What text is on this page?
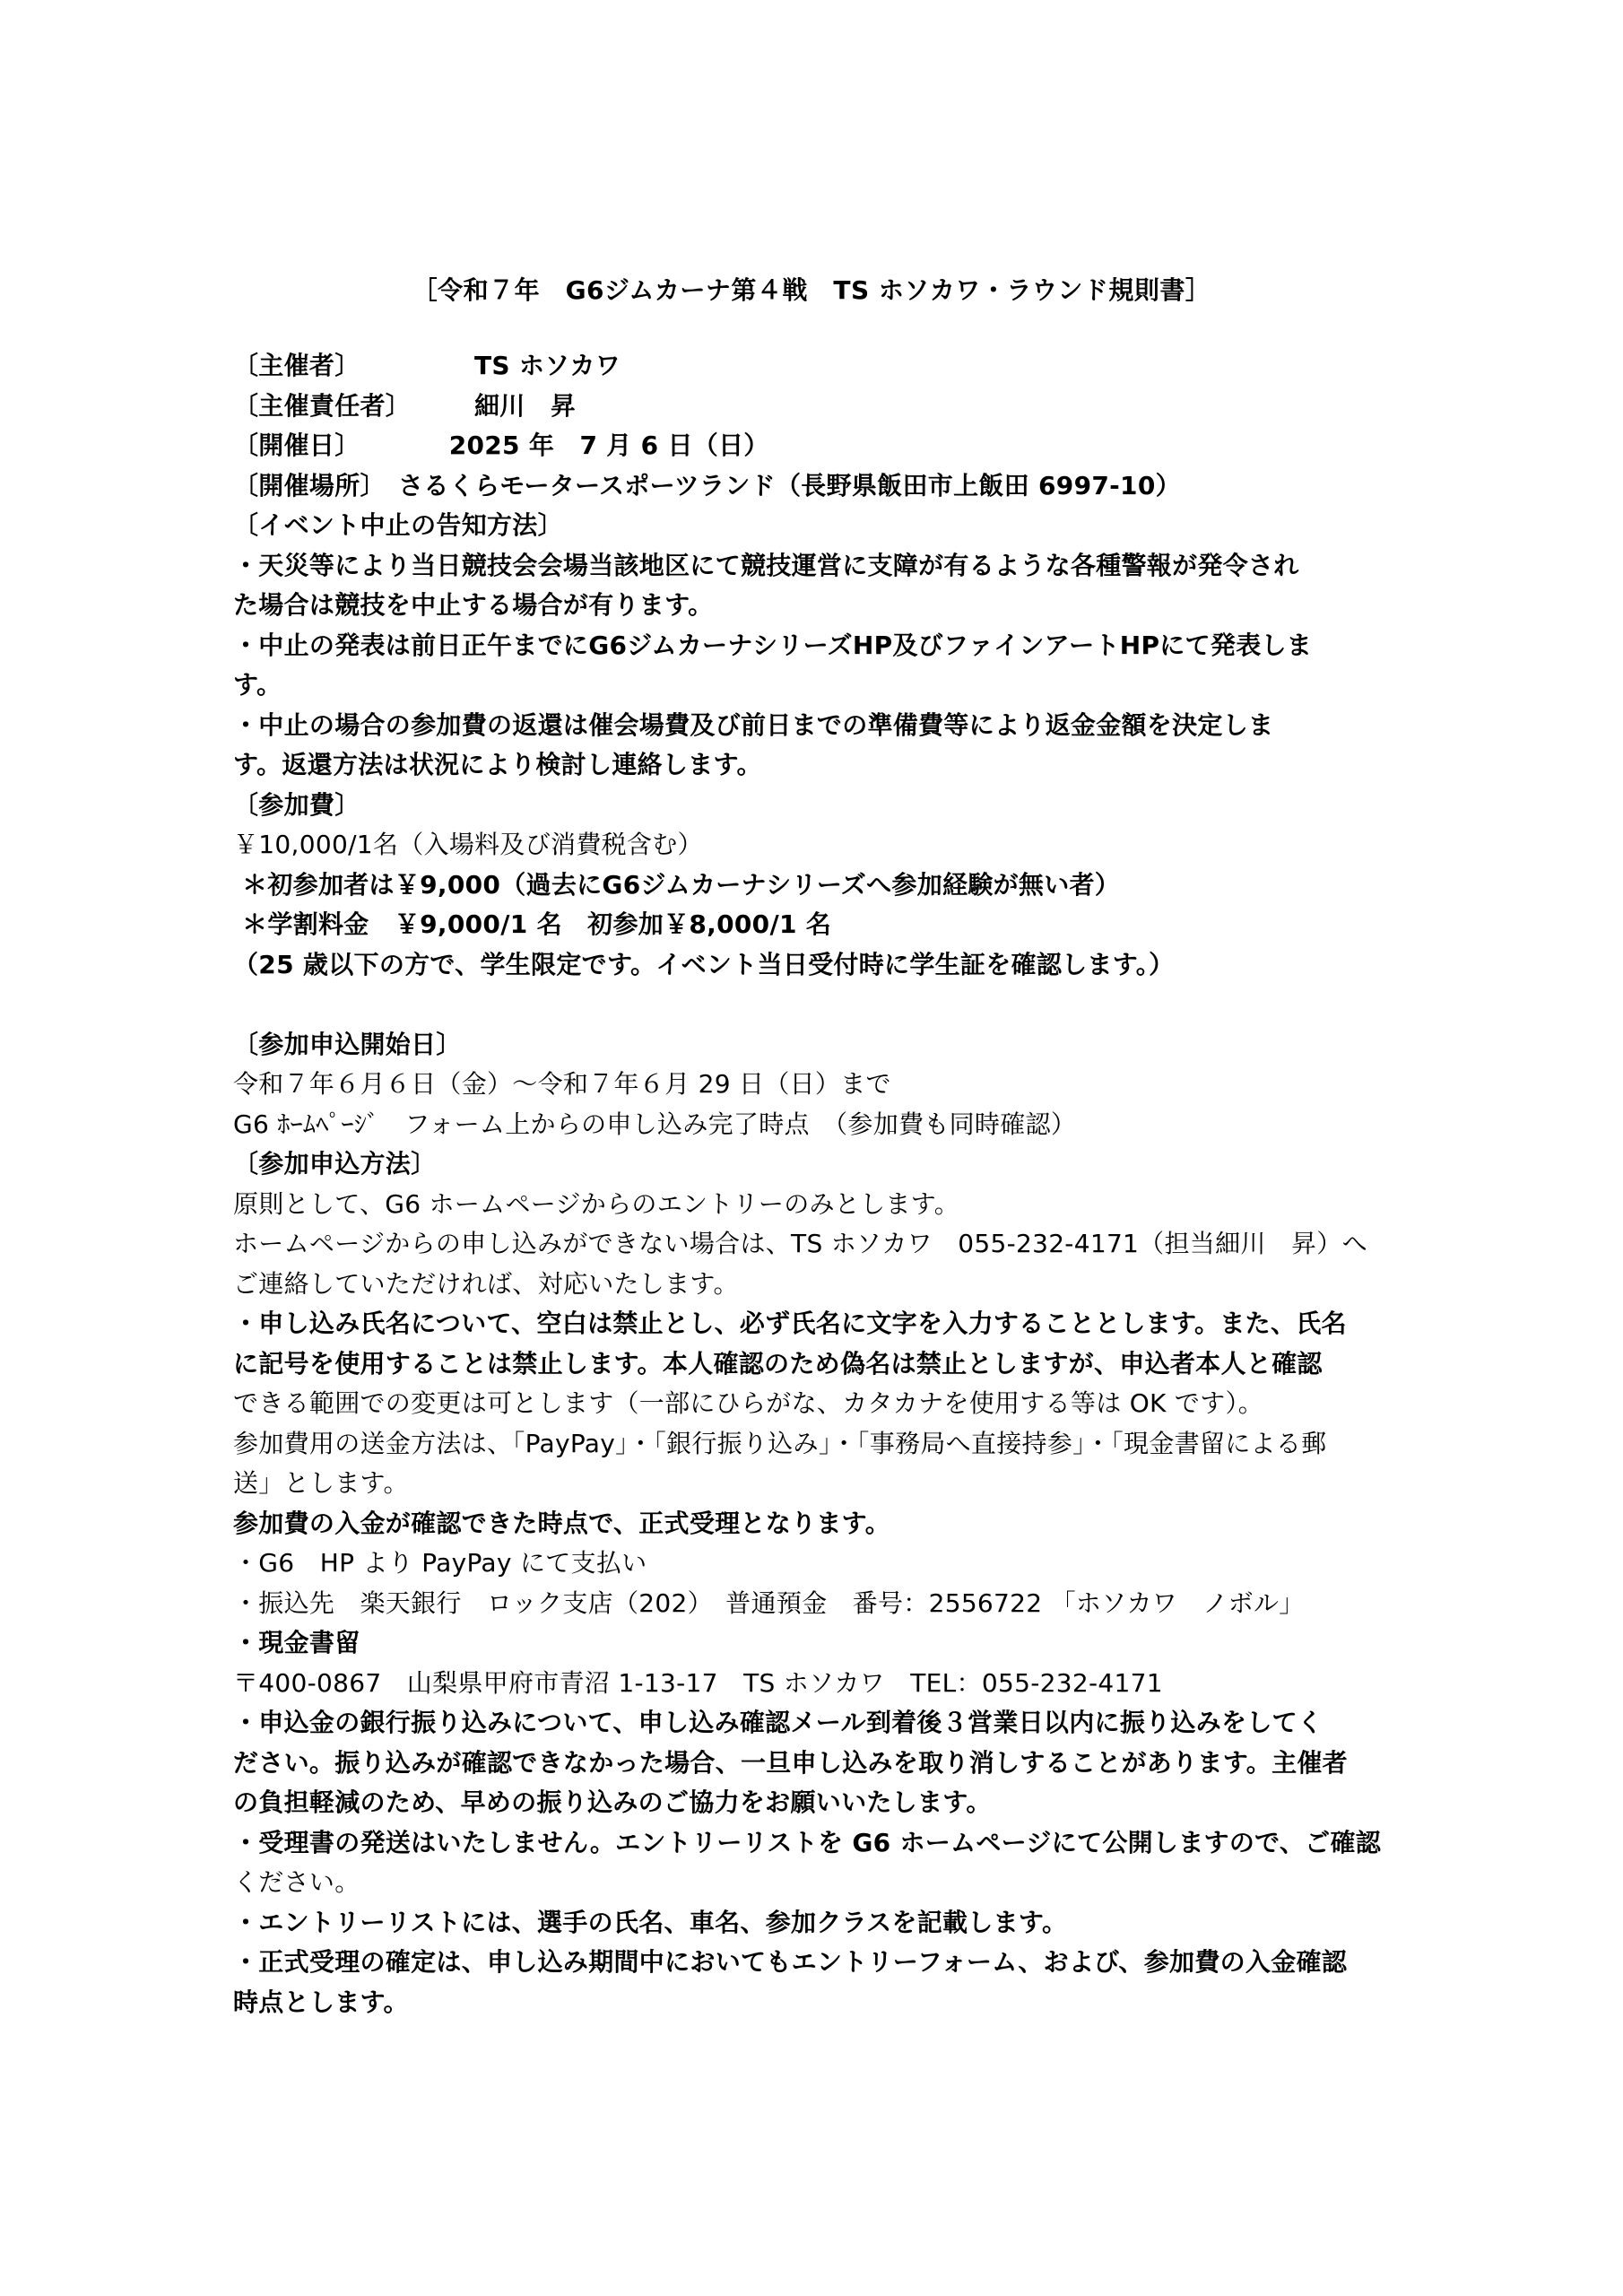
［令和７年　G6ジムカーナ第４戦　TS ホソカワ・ラウンド規則書］
〔主催者〕　　　　　TS ホソカワ
〔主催責任者〕　　　細川　昇
〔開催日〕　　　　2025 年　7 月 6 日（日）
〔開催場所〕　さるくらモータースポーツランド（長野県飯田市上飯田 6997-10）
〔イベント中止の告知方法〕
・天災等により当日競技会会場当該地区にて競技運営に支障が有るような各種警報が発令され
た場合は競技を中止する場合が有ります。
・中止の発表は前日正午までにG6ジムカーナシリーズHP及びファインアートHPにて発表しま
す。
・中止の場合の参加費の返還は催会場費及び前日までの準備費等により返金金額を決定しま
す。返還方法は状況により検討し連絡します。
〔参加費〕
￥10,000/1名（入場料及び消費税含む）
＊初参加者は￥9,000（過去にG6ジムカーナシリーズへ参加経験が無い者）
＊学割料金　￥9,000/1 名　初参加￥8,000/1 名
（25 歳以下の方で、学生限定です。イベント当日受付時に学生証を確認します。）
〔参加申込開始日〕
令和７年６月６日（金）～令和７年６月 29 日（日）まで
G6 ﾎｰﾑﾍﾟｰｼﾞ　フォーム上からの申し込み完了時点　（参加費も同時確認）
〔参加申込方法〕
原則として、G6 ホームページからのエントリーのみとします。
ホームページからの申し込みができない場合は、TS ホソカワ　055-232-4171（担当細川　昇）へ
ご連絡していただければ、対応いたします。
・申し込み氏名について、空白は禁止とし、必ず氏名に文字を入力することとします。また、氏名
に記号を使用することは禁止します。本人確認のため偽名は禁止としますが、申込者本人と確認
できる範囲での変更は可とします（一部にひらがな、カタカナを使用する等は OK です）。
参加費用の送金方法は、「PayPay」・「銀行振り込み」・「事務局へ直接持参」・「現金書留による郵
送」とします。
参加費の入金が確認できた時点で、正式受理となります。
・G6　HP より PayPay にて支払い
・振込先　楽天銀行　ロック支店（202）　普通預金　番号：2556722 「ホソカワ　ノボル」
・現金書留
〒400-0867　山梨県甲府市青沼 1-13-17　TS ホソカワ　TEL：055-232-4171
・申込金の銀行振り込みについて、申し込み確認メール到着後３営業日以内に振り込みをしてく
ださい。振り込みが確認できなかった場合、一旦申し込みを取り消しすることがあります。主催者
の負担軽減のため、早めの振り込みのご協力をお願いいたします。
・受理書の発送はいたしません。エントリーリストを G6 ホームページにて公開しますので、ご確認
ください。
・エントリーリストには、選手の氏名、車名、参加クラスを記載します。
・正式受理の確定は、申し込み期間中においてもエントリーフォーム、および、参加費の入金確認
時点とします。
